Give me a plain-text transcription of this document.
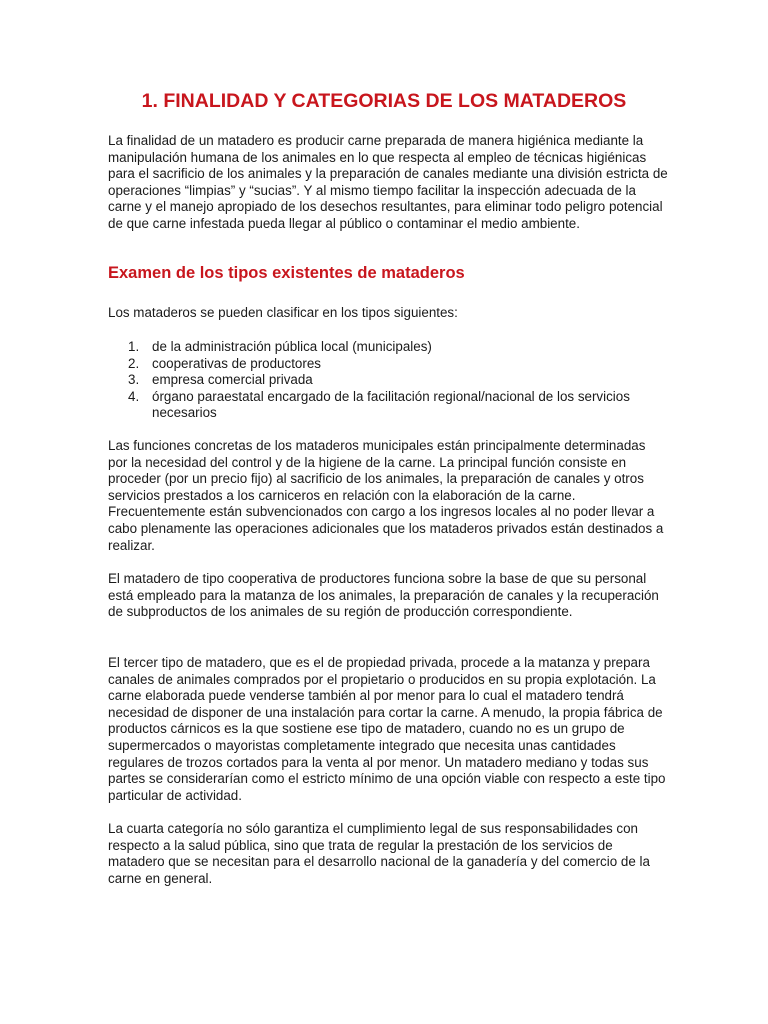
1. FINALIDAD Y CATEGORIAS DE LOS MATADEROS

La finalidad de un matadero es producir carne preparada de manera higiénica mediante la manipulación humana de los animales en lo que respecta al empleo de técnicas higiénicas para el sacrificio de los animales y la preparación de canales mediante una división estricta de operaciones “limpias” y “sucias”. Y al mismo tiempo facilitar la inspección adecuada de la carne y el manejo apropiado de los desechos resultantes, para eliminar todo peligro potencial de que carne infestada pueda llegar al público o contaminar el medio ambiente.

Examen de los tipos existentes de mataderos

Los mataderos se pueden clasificar en los tipos siguientes:

1. de la administración pública local (municipales)
2. cooperativas de productores
3. empresa comercial privada
4. órgano paraestatal encargado de la facilitación regional/nacional de los servicios necesarios

Las funciones concretas de los mataderos municipales están principalmente determinadas por la necesidad del control y de la higiene de la carne. La principal función consiste en proceder (por un precio fijo) al sacrificio de los animales, la preparación de canales y otros servicios prestados a los carniceros en relación con la elaboración de la carne. Frecuentemente están subvencionados con cargo a los ingresos locales al no poder llevar a cabo plenamente las operaciones adicionales que los mataderos privados están destinados a realizar.

El matadero de tipo cooperativa de productores funciona sobre la base de que su personal está empleado para la matanza de los animales, la preparación de canales y la recuperación de subproductos de los animales de su región de producción correspondiente.

El tercer tipo de matadero, que es el de propiedad privada, procede a la matanza y prepara canales de animales comprados por el propietario o producidos en su propia explotación. La carne elaborada puede venderse también al por menor para lo cual el matadero tendrá necesidad de disponer de una instalación para cortar la carne. A menudo, la propia fábrica de productos cárnicos es la que sostiene ese tipo de matadero, cuando no es un grupo de supermercados o mayoristas completamente integrado que necesita unas cantidades regulares de trozos cortados para la venta al por menor. Un matadero mediano y todas sus partes se considerarían como el estricto mínimo de una opción viable con respecto a este tipo particular de actividad.

La cuarta categoría no sólo garantiza el cumplimiento legal de sus responsabilidades con respecto a la salud pública, sino que trata de regular la prestación de los servicios de matadero que se necesitan para el desarrollo nacional de la ganadería y del comercio de la carne en general.
